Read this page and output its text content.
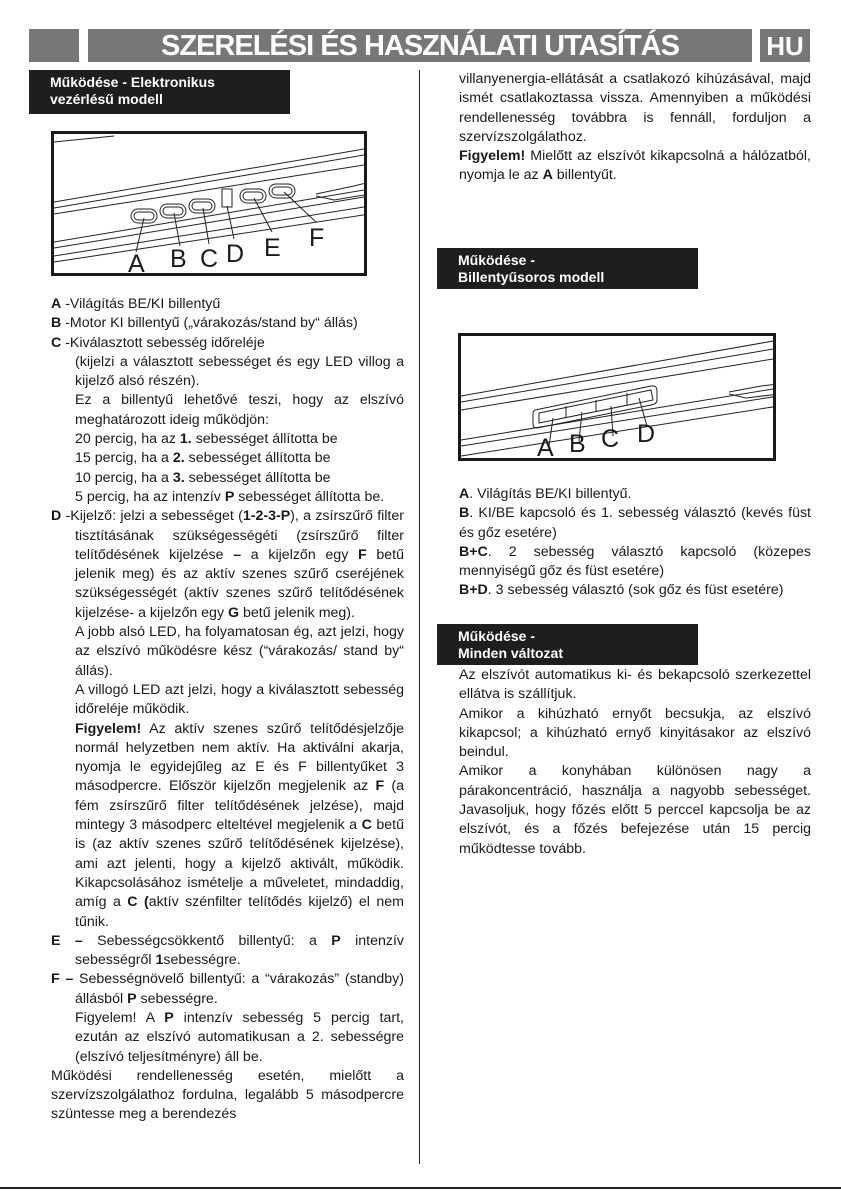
SZERELÉSI ÉS HASZNÁLATI UTASÍTÁS	HU
Működése - Elektronikus
vezérlésű modell
A B C D E F

A -Világítás BE/KI billentyű

B -Motor KI billentyű („várakozás/stand by“ állás)

C -Kiválasztott sebesség időreléje

(kijelzi a választott sebességet és egy LED villog a kijelző alsó részén).

Ez a billentyű lehetővé teszi, hogy az elszívó meghatározott ideig működjön:

20 percig, ha az 1. sebességet állította be

15 percig, ha a 2. sebességet állította be

10 percig, ha a 3. sebességet állította be

5 percig, ha az intenzív P sebességet állította be.

D -Kijelző: jelzi a sebességet (1-2-3-P), a zsírszűrő filter tisztításának szükségességéti (zsírszűrő filter telítődésének kijelzése – a kijelzőn egy F betű jelenik meg) és az aktív szenes szűrő cseréjének szükségességét (aktív szenes szűrő telítődésének kijelzése- a kijelzőn egy G betű jelenik meg).

A jobb alsó LED, ha folyamatosan ég, azt jelzi, hogy az elszívó működésre kész (“várakozás/ stand by“ állás).

A villogó LED azt jelzi, hogy a kiválasztott sebesség időreléje működik.

Figyelem! Az aktív szenes szűrő telítődésjelzője normál helyzetben nem aktív. Ha aktiválni akarja, nyomja le egyidejűleg az E és F billentyűket 3 másodpercre. Először kijelzőn megjelenik az F (a fém zsírszűrő filter telítődésének jelzése), majd mintegy 3 másodperc elteltével megjelenik a C betű is (az aktív szenes szűrő telítődésének kijelzése), ami azt jelenti, hogy a kijelző aktivált, működik. Kikapcsolásához ismételje a műveletet, mindaddig, amíg a C (aktív szénfilter telítődés kijelző) el nem tűnik.

E – Sebességcsökkentő billentyű: a P intenzív sebességről 1sebességre.

F – Sebességnövelő billentyű: a “várakozás” (standby) állásból P sebességre.

Figyelem! A P intenzív sebesség 5 percig tart, ezután az elszívó automatikusan a 2. sebességre (elszívó teljesítményre) áll be.

Működési rendellenesség esetén, mielőtt a szervízszolgálathoz fordulna, legalább 5 másodpercre szüntesse meg a berendezés

villanyenergia-ellátását a csatlakozó kihúzásával, majd ismét csatlakoztassa vissza. Amennyiben a működési rendellenesség továbbra is fennáll, forduljon a szervízszolgálathoz.

Figyelem! Mielőtt az elszívót kikapcsolná a hálózatból, nyomja le az A billentyűt.

Működése -
Billentyűsoros modell
A B C D

A. Világítás BE/KI billentyű.

B. KI/BE kapcsoló és 1. sebesség választó (kevés füst és gőz esetére)

B+C. 2 sebesség választó kapcsoló (közepes mennyiségű gőz és füst esetére)

B+D. 3 sebesség választó (sok gőz és füst esetére)

Működése -
Minden változat

Az elszívót automatikus ki- és bekapcsoló szerkezettel ellátva is szállítjuk.

Amikor a kihúzható ernyőt becsukja, az elszívó kikapcsol; a kihúzható ernyő kinyitásakor az elszívó beindul.

Amikor a konyhában különösen nagy a párakoncentráció, használja a nagyobb sebességet. Javasoljuk, hogy főzés előtt 5 perccel kapcsolja be az elszívót, és a főzés befejezése után 15 percig működtesse tovább.
